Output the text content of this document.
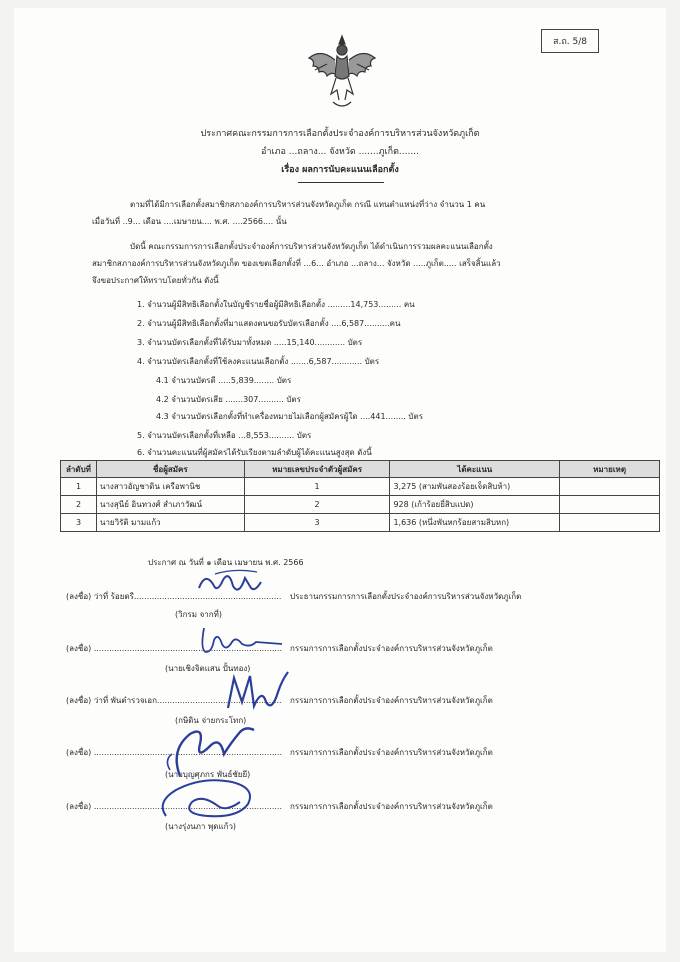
ส.ถ. 5/8
ประกาศคณะกรรมการการเลือกตั้งประจำองค์การบริหารส่วนจังหวัดภูเก็ต
อำเภอ ...ถลาง... จังหวัด .......ภูเก็ต.......
เรื่อง ผลการนับคะแนนเลือกตั้ง
ตามที่ได้มีการเลือกตั้งสมาชิกสภาองค์การบริหารส่วนจังหวัดภูเก็ต กรณี แทนตำแหน่งที่ว่าง จำนวน 1 คน
เมื่อวันที่ ..9... เดือน ....เมษายน.... พ.ศ. ....2566.... นั้น
บัดนี้ คณะกรรมการการเลือกตั้งประจำองค์การบริหารส่วนจังหวัดภูเก็ต ได้ดำเนินการรวมผลคะแนนเลือกตั้ง
สมาชิกสภาองค์การบริหารส่วนจังหวัดภูเก็ต ของเขตเลือกตั้งที่ ...6... อำเภอ ...ถลาง... จังหวัด .....ภูเก็ต..... เสร็จสิ้นแล้ว
จึงขอประกาศให้ทราบโดยทั่วกัน ดังนี้
1. จำนวนผู้มีสิทธิเลือกตั้งในบัญชีรายชื่อผู้มีสิทธิเลือกตั้ง .........14,753......... คน
2. จำนวนผู้มีสิทธิเลือกตั้งที่มาแสดงตนขอรับบัตรเลือกตั้ง ....6,587..........คน
3. จำนวนบัตรเลือกตั้งที่ได้รับมาทั้งหมด .....15,140............ บัตร
4. จำนวนบัตรเลือกตั้งที่ใช้ลงคะแนนเลือกตั้ง .......6,587............ บัตร
4.1 จำนวนบัตรดี .....5,839........ บัตร
4.2 จำนวนบัตรเสีย .......307.......... บัตร
4.3 จำนวนบัตรเลือกตั้งที่ทำเครื่องหมายไม่เลือกผู้สมัครผู้ใด ....441........ บัตร
5. จำนวนบัตรเลือกตั้งที่เหลือ ...8,553.......... บัตร
6. จำนวนคะแนนที่ผู้สมัครได้รับเรียงตามลำดับผู้ได้คะแนนสูงสุด ดังนี้
ลำดับที่	ชื่อผู้สมัคร	หมายเลขประจำตัวผู้สมัคร	ได้คะแนน	หมายเหตุ
1	นางสาวอัญชาดิน เครือพานิช	1	3,275 (สามพันสองร้อยเจ็ดสิบห้า)	
2	นางสุนีย์ อินทวงศ์ สำเภาวัฒน์	2	928 (เก้าร้อยยี่สิบแปด)	
3	นายวิรัติ มามแก้ว	3	1,636 (หนึ่งพันหกร้อยสามสิบหก)	
ประกาศ ณ วันที่ ๑ เดือน เมษายน พ.ศ. 2566
(ลงชื่อ) ว่าที่ ร้อยตรี.......................................................... ประธานกรรมการการเลือกตั้งประจำองค์การบริหารส่วนจังหวัดภูเก็ต
(วิกรม จากที่)
(ลงชื่อ) .......................................................................... กรรมการการเลือกตั้งประจำองค์การบริหารส่วนจังหวัดภูเก็ต
(นายเชิงจิตแสน ปั้นทอง)
(ลงชื่อ) ว่าที่ พันตำรวจเอก................................................. กรรมการการเลือกตั้งประจำองค์การบริหารส่วนจังหวัดภูเก็ต
(กษิดิน จ่ายกระโทก)
(ลงชื่อ) .......................................................................... กรรมการการเลือกตั้งประจำองค์การบริหารส่วนจังหวัดภูเก็ต
(นายบุญศุภกร พันธ์ชัยยี)
(ลงชื่อ) .......................................................................... กรรมการการเลือกตั้งประจำองค์การบริหารส่วนจังหวัดภูเก็ต
(นางรุ่งนภา พุดแก้ว)
